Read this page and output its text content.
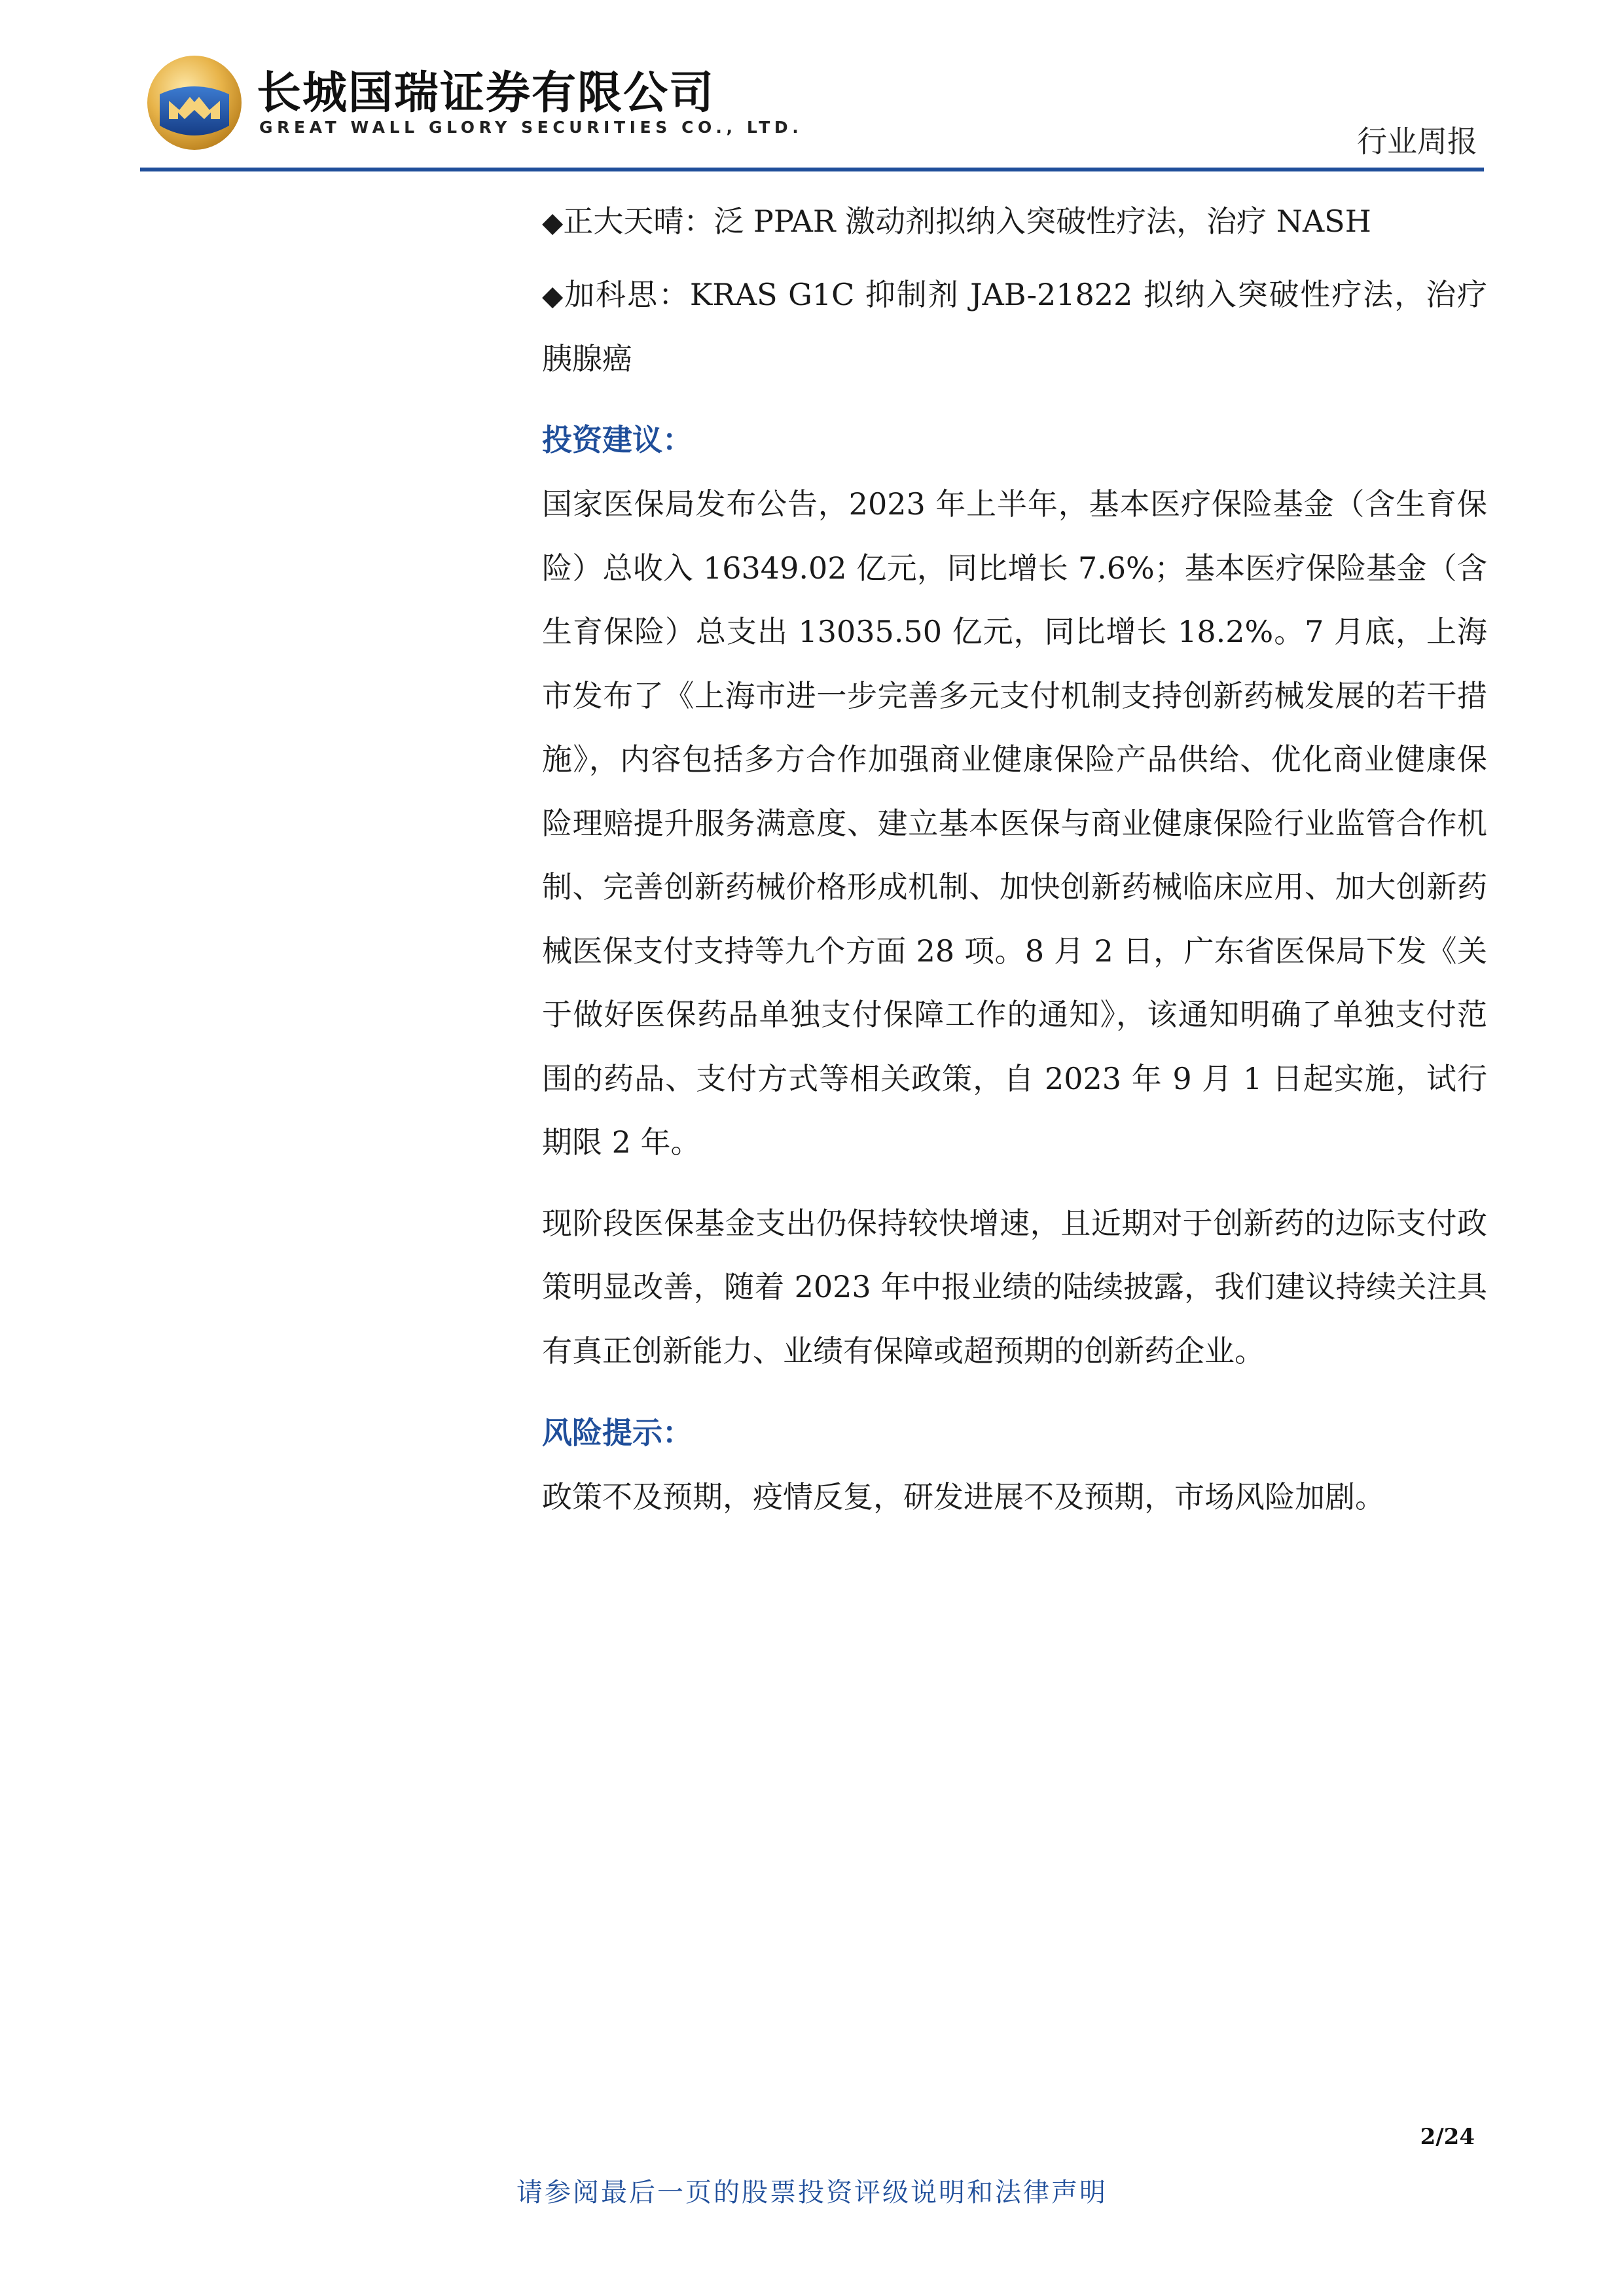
长城国瑞证券有限公司
GREAT WALL GLORY SECURITIES CO., LTD.	行业周报

◆正大天晴：泛 PPAR 激动剂拟纳入突破性疗法，治疗 NASH

◆加科思：KRAS G1C 抑制剂 JAB-21822 拟纳入突破性疗法，治疗胰腺癌

投资建议：

国家医保局发布公告，2023 年上半年，基本医疗保险基金（含生育保险）总收入 16349.02 亿元，同比增长 7.6%；基本医疗保险基金（含生育保险）总支出 13035.50 亿元，同比增长 18.2%。7 月底，上海市发布了《上海市进一步完善多元支付机制支持创新药械发展的若干措施》，内容包括多方合作加强商业健康保险产品供给、优化商业健康保险理赔提升服务满意度、建立基本医保与商业健康保险行业监管合作机制、完善创新药械价格形成机制、加快创新药械临床应用、加大创新药械医保支付支持等九个方面 28 项。8 月 2 日，广东省医保局下发《关于做好医保药品单独支付保障工作的通知》，该通知明确了单独支付范围的药品、支付方式等相关政策，自 2023 年 9 月 1 日起实施，试行期限 2 年。

现阶段医保基金支出仍保持较快增速，且近期对于创新药的边际支付政策明显改善，随着 2023 年中报业绩的陆续披露，我们建议持续关注具有真正创新能力、业绩有保障或超预期的创新药企业。

风险提示：

政策不及预期，疫情反复，研发进展不及预期，市场风险加剧。

2/24
请参阅最后一页的股票投资评级说明和法律声明
